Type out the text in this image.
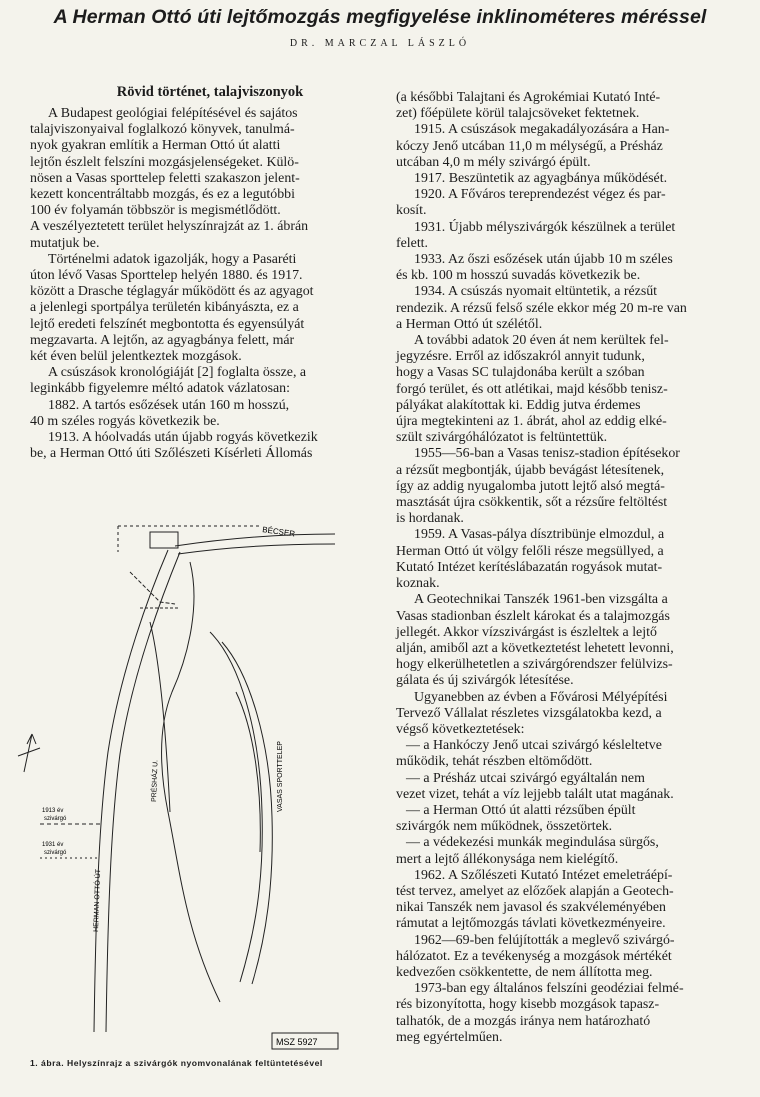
A Herman Ottó úti lejtőmozgás megfigyelése inklinométeres méréssel
DR. MARCZAL LÁSZLÓ
Rövid történet, talajviszonyok

A Budapest geológiai felépítésével és sajátos
talajviszonyaival foglalkozó könyvek, tanulmá-
nyok gyakran említik a Herman Ottó út alatti
lejtőn észlelt felszíni mozgásjelenségeket. Külö-
nösen a Vasas sporttelep feletti szakaszon jelent-
kezett koncentráltabb mozgás, és ez a legutóbbi
100 év folyamán többször is megismétlődött.
A veszélyeztetett terület helyszínrajzát az 1. ábrán
mutatjuk be.

Történelmi adatok igazolják, hogy a Pasaréti
úton lévő Vasas Sporttelep helyén 1880. és 1917.
között a Drasche téglagyár működött és az agyagot
a jelenlegi sportpálya területén kibányászta, ez a
lejtő eredeti felszínét megbontotta és egyensúlyát
megzavarta. A lejtőn, az agyagbánya felett, már
két éven belül jelentkeztek mozgások.

A csúszások kronológiáját [2] foglalta össze, a
leginkább figyelemre méltó adatok vázlatosan:

1882. A tartós esőzések után 160 m hosszú,
40 m széles rogyás következik be.

1913. A hóolvadás után újabb rogyás következik
be, a Herman Ottó úti Szőlészeti Kísérleti Állomás

BÉCSER
HERMAN OTTÓ ÚT
PRÉSHÁZ U.	VASAS SPORTTELEP
1913 év szivárgó
1931 év szivárgó
MSZ 5927
1. ábra. Helyszínrajz a szivárgók nyomvonalának feltüntetésével

(a későbbi Talajtani és Agrokémiai Kutató Inté-
zet) főépülete körül talajcsöveket fektetnek.

1915. A csúszások megakadályozására a Han-
kóczy Jenő utcában 11,0 m mélységű, a Présház
utcában 4,0 m mély szivárgó épült.

1917. Beszüntetik az agyagbánya működését.

1920. A Főváros tereprendezést végez és par-
kosít.

1931. Újabb mélyszivárgók készülnek a terület
felett.

1933. Az őszi esőzések után újabb 10 m széles
és kb. 100 m hosszú suvadás következik be.

1934. A csúszás nyomait eltüntetik, a rézsűt
rendezik. A rézsű felső széle ekkor még 20 m-re van
a Herman Ottó út szélétől.

A további adatok 20 éven át nem kerültek fel-
jegyzésre. Erről az időszakról annyit tudunk,
hogy a Vasas SC tulajdonába került a szóban
forgó terület, és ott atlétikai, majd később tenisz-
pályákat alakítottak ki. Eddig jutva érdemes
újra megtekinteni az 1. ábrát, ahol az eddig elké-
szült szivárgóhálózatot is feltüntettük.

1955—56-ban a Vasas tenisz-stadion építésekor
a rézsűt megbontják, újabb bevágást létesítenek,
így az addig nyugalomba jutott lejtő alsó megtá-
masztását újra csökkentik, sőt a rézsűre feltöltést
is hordanak.

1959. A Vasas-pálya dísztribünje elmozdul, a
Herman Ottó út völgy felőli része megsüllyed, a
Kutató Intézet kerítéslábazatán rogyások mutat-
koznak.

A Geotechnikai Tanszék 1961-ben vizsgálta a
Vasas stadionban észlelt károkat és a talajmozgás
jellegét. Akkor vízszivárgást is észleltek a lejtő
alján, amiből azt a következtetést lehetett levonni,
hogy elkerülhetetlen a szivárgórendszer felülvizs-
gálata és új szivárgók létesítése.

Ugyanebben az évben a Fővárosi Mélyépítési
Tervező Vállalat részletes vizsgálatokba kezd, a
végső következtetések:

— a Hankóczy Jenő utcai szivárgó késleltetve
működik, tehát részben eltömődött.

— a Présház utcai szivárgó egyáltalán nem
vezet vizet, tehát a víz lejjebb talált utat magának.

— a Herman Ottó út alatti rézsűben épült
szivárgók nem működnek, összetörtek.

— a védekezési munkák megindulása sürgős,
mert a lejtő állékonysága nem kielégítő.

1962. A Szőlészeti Kutató Intézet emeletráépí-
tést tervez, amelyet az előzőek alapján a Geotech-
nikai Tanszék nem javasol és szakvéleményében
rámutat a lejtőmozgás távlati következményeire.

1962—69-ben felújították a meglevő szivárgó-
hálózatot. Ez a tevékenység a mozgások mértékét
kedvezően csökkentette, de nem állította meg.

1973-ban egy általános felszíni geodéziai felmé-
rés bizonyította, hogy kisebb mozgások tapasz-
talhatók, de a mozgás iránya nem határozható
meg egyértelműen.
